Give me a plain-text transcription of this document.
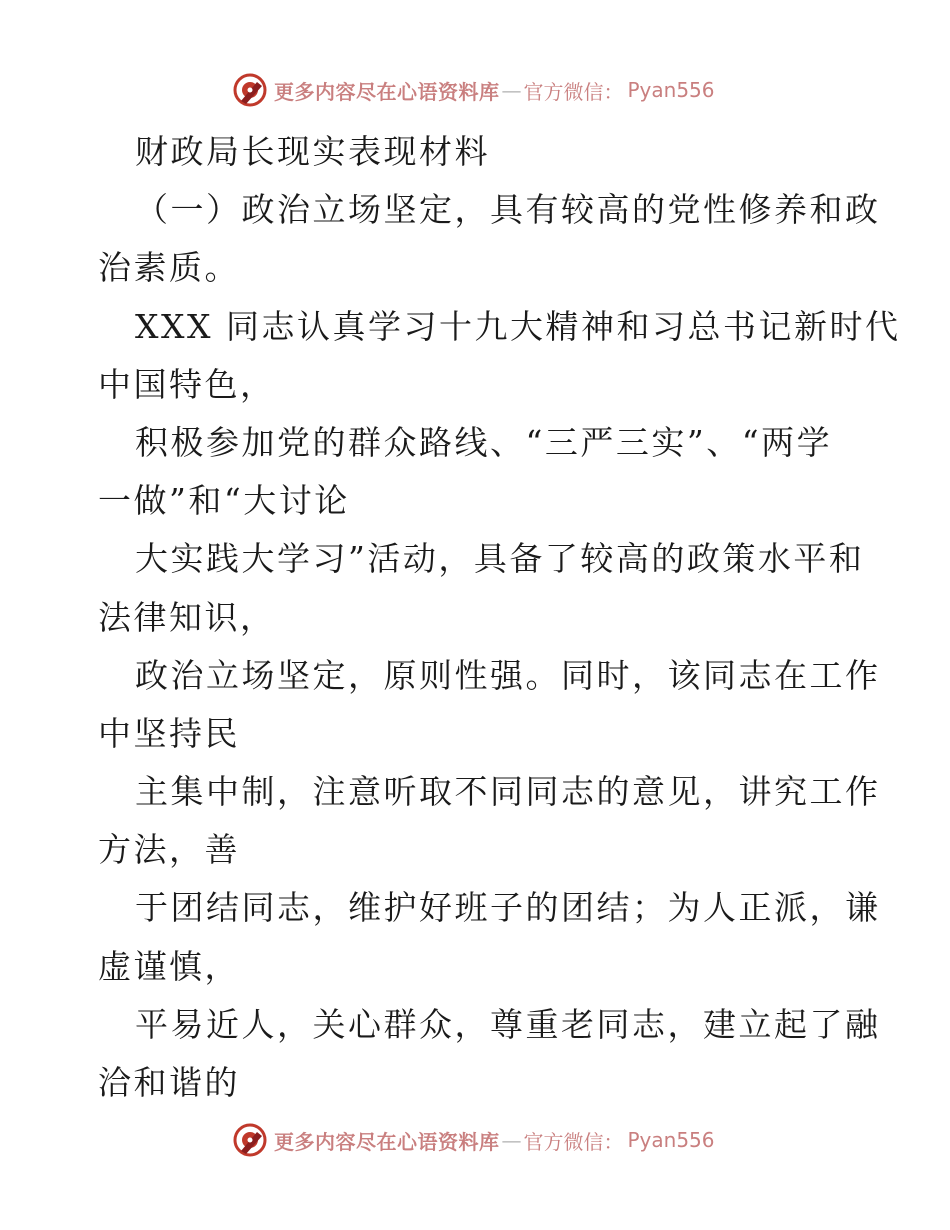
更多内容尽在心语资料库 — 官方微信： Pyan556
财政局长现实表现材料
（一）政治立场坚定，具有较高的党性修养和政
治素质。
XXX 同志认真学习十九大精神和习总书记新时代
中国特色，
积极参加党的群众路线、“三严三实”、“两学
一做”和“大讨论
大实践大学习”活动，具备了较高的政策水平和
法律知识，
政治立场坚定，原则性强。同时，该同志在工作
中坚持民
主集中制，注意听取不同同志的意见，讲究工作
方法，善
于团结同志，维护好班子的团结；为人正派，谦
虚谨慎，
平易近人，关心群众，尊重老同志，建立起了融
洽和谐的
更多内容尽在心语资料库 — 官方微信： Pyan556
